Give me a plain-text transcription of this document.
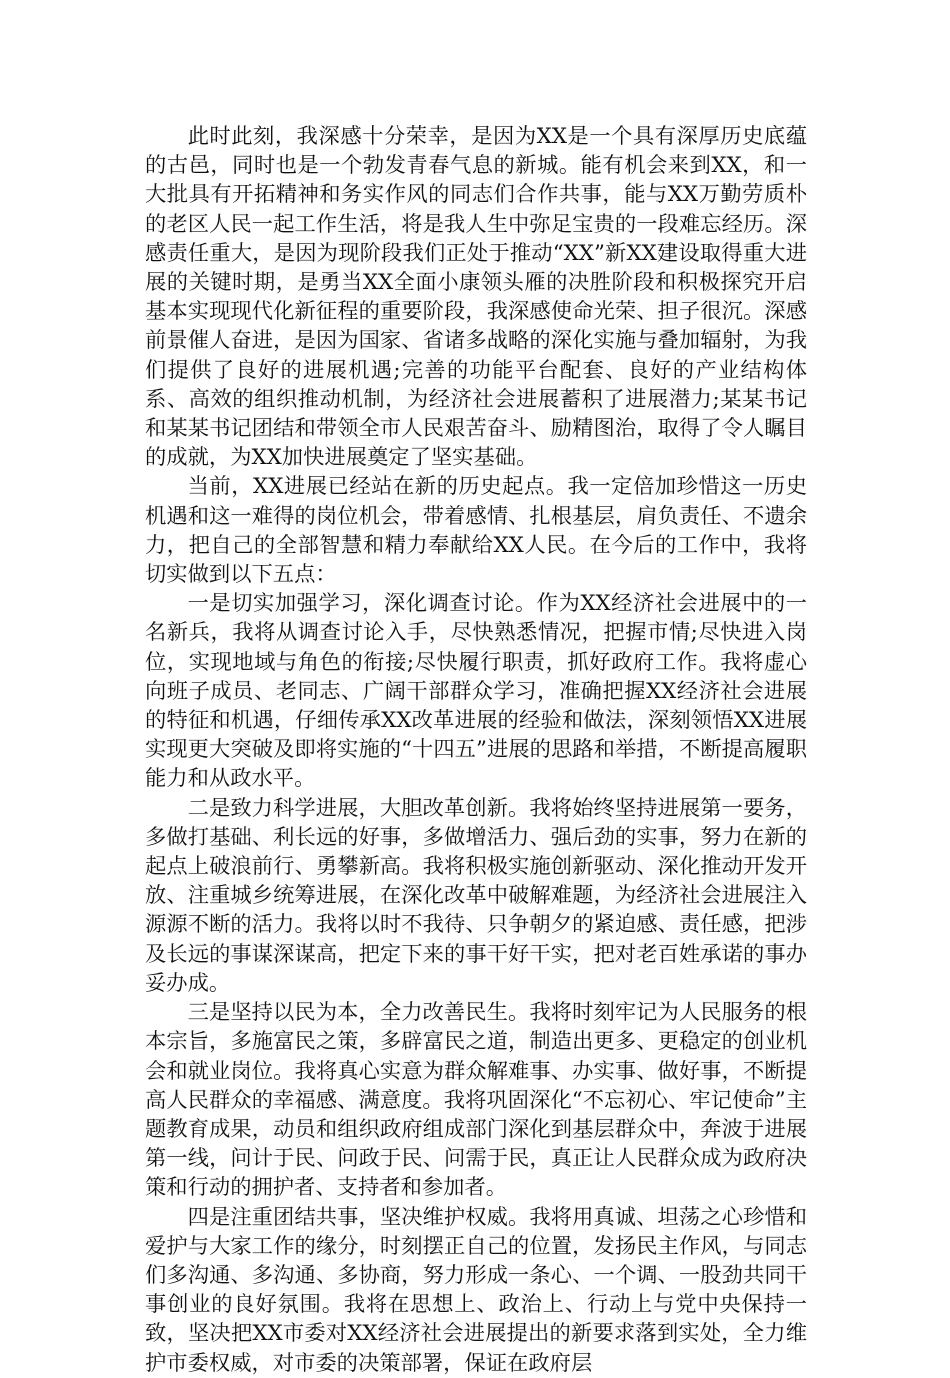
此时此刻，我深感十分荣幸，是因为XX是一个具有深厚历史底蕴的古邑，同时也是一个勃发青春气息的新城。能有机会来到XX，和一大批具有开拓精神和务实作风的同志们合作共事，能与XX万勤劳质朴的老区人民一起工作生活，将是我人生中弥足宝贵的一段难忘经历。深感责任重大，是因为现阶段我们正处于推动“XX”新XX建设取得重大进展的关键时期，是勇当XX全面小康领头雁的决胜阶段和积极探究开启基本实现现代化新征程的重要阶段，我深感使命光荣、担子很沉。深感前景催人奋进，是因为国家、省诸多战略的深化实施与叠加辐射，为我们提供了良好的进展机遇;完善的功能平台配套、良好的产业结构体系、高效的组织推动机制，为经济社会进展蓄积了进展潜力;某某书记和某某书记团结和带领全市人民艰苦奋斗、励精图治，取得了令人瞩目的成就，为XX加快进展奠定了坚实基础。

当前，XX进展已经站在新的历史起点。我一定倍加珍惜这一历史机遇和这一难得的岗位机会，带着感情、扎根基层，肩负责任、不遗余力，把自己的全部智慧和精力奉献给XX人民。在今后的工作中，我将切实做到以下五点：

一是切实加强学习，深化调查讨论。作为XX经济社会进展中的一名新兵，我将从调查讨论入手，尽快熟悉情况，把握市情;尽快进入岗位，实现地域与角色的衔接;尽快履行职责，抓好政府工作。我将虚心向班子成员、老同志、广阔干部群众学习，准确把握XX经济社会进展的特征和机遇，仔细传承XX改革进展的经验和做法，深刻领悟XX进展实现更大突破及即将实施的“十四五”进展的思路和举措，不断提高履职能力和从政水平。

二是致力科学进展，大胆改革创新。我将始终坚持进展第一要务，多做打基础、利长远的好事，多做增活力、强后劲的实事，努力在新的起点上破浪前行、勇攀新高。我将积极实施创新驱动、深化推动开发开放、注重城乡统筹进展，在深化改革中破解难题，为经济社会进展注入源源不断的活力。我将以时不我待、只争朝夕的紧迫感、责任感，把涉及长远的事谋深谋高，把定下来的事干好干实，把对老百姓承诺的事办妥办成。

三是坚持以民为本，全力改善民生。我将时刻牢记为人民服务的根本宗旨，多施富民之策，多辟富民之道，制造出更多、更稳定的创业机会和就业岗位。我将真心实意为群众解难事、办实事、做好事，不断提高人民群众的幸福感、满意度。我将巩固深化“不忘初心、牢记使命”主题教育成果，动员和组织政府组成部门深化到基层群众中，奔波于进展第一线，问计于民、问政于民、问需于民，真正让人民群众成为政府决策和行动的拥护者、支持者和参加者。

四是注重团结共事，坚决维护权威。我将用真诚、坦荡之心珍惜和爱护与大家工作的缘分，时刻摆正自己的位置，发扬民主作风，与同志们多沟通、多沟通、多协商，努力形成一条心、一个调、一股劲共同干事创业的良好氛围。我将在思想上、政治上、行动上与党中央保持一致，坚决把XX市委对XX经济社会进展提出的新要求落到实处，全力维护市委权威，对市委的决策部署，保证在政府层
